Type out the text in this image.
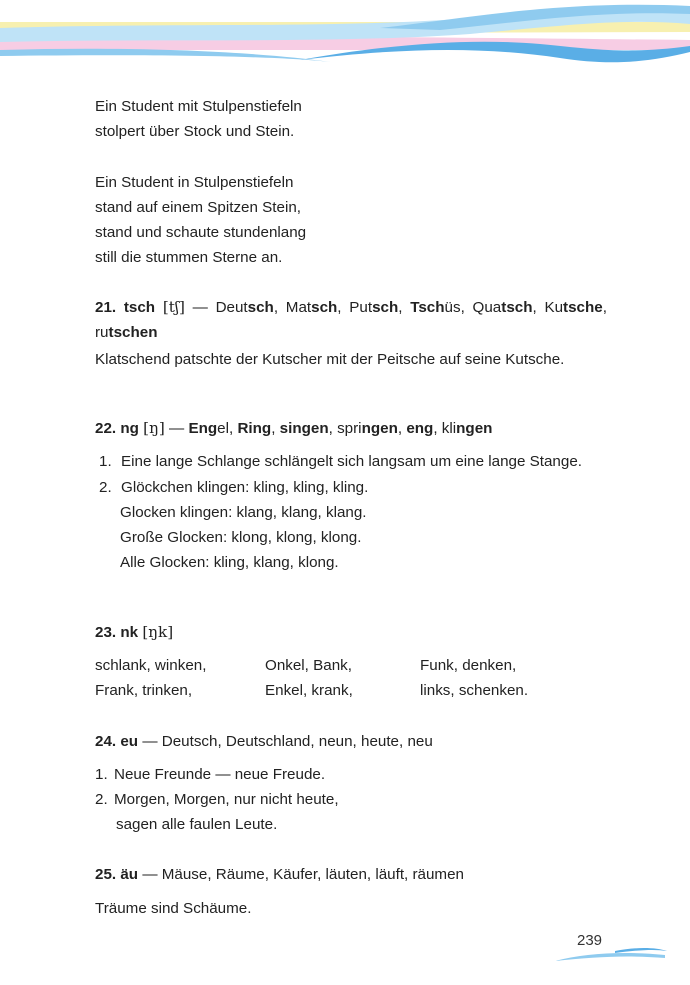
Ein Student mit Stulpenstiefeln
stolpert über Stock und Stein.
Ein Student in Stulpenstiefeln
stand auf einem Spitzen Stein,
stand und schaute stundenlang
still die stummen Sterne an.
21. tsch [tʃ] — Deutsch, Matsch, Putsch, Tschüs, Quatsch, Kutsche, rutschen
Klatschend patschte der Kutscher mit der Peitsche auf seine Kutsche.
22. ng [ŋ] — Engel, Ring, singen, springen, eng, klingen
1. Eine lange Schlange schlängelt sich langsam um eine lange Stange.
2. Glöckchen klingen: kling, kling, kling.
Glocken klingen: klang, klang, klang.
Große Glocken: klong, klong, klong.
Alle Glocken: kling, klang, klong.
23. nk [ŋk]
schlank, winken,	Onkel, Bank,	Funk, denken,
Frank, trinken,	Enkel, krank,	links, schenken.
24. eu — Deutsch, Deutschland, neun, heute, neu
1. Neue Freunde — neue Freude.
2. Morgen, Morgen, nur nicht heute,
sagen alle faulen Leute.
25. äu — Mäuse, Räume, Käufer, läuten, läuft, räumen
Träume sind Schäume.
239
